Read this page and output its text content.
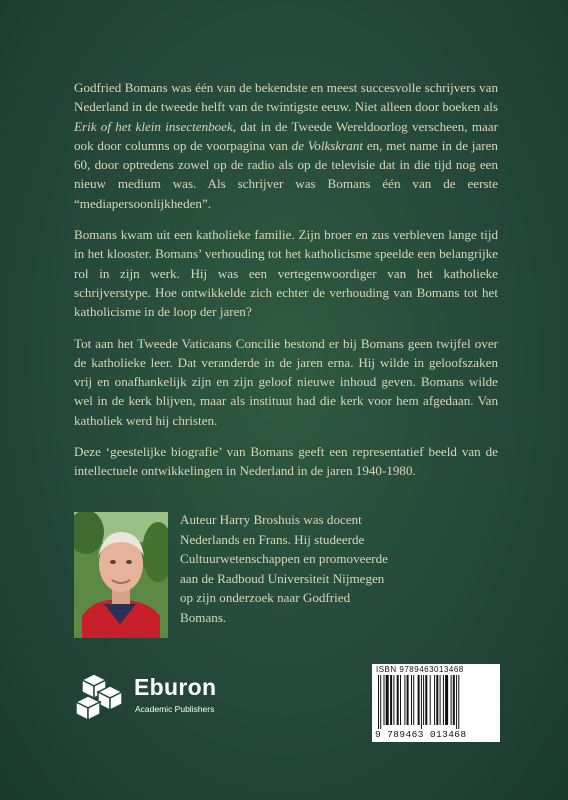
Godfried Bomans was één van de bekendste en meest succesvolle schrijvers van Nederland in de tweede helft van de twintigste eeuw. Niet alleen door boeken als Erik of het klein insectenboek, dat in de Tweede Wereldoorlog verscheen, maar ook door columns op de voorpagina van de Volkskrant en, met name in de jaren 60, door optredens zowel op de radio als op de televisie dat in die tijd nog een nieuw medium was. Als schrijver was Bomans één van de eerste “mediapersoonlijkheden”.

Bomans kwam uit een katholieke familie. Zijn broer en zus verbleven lange tijd in het klooster. Bomans’ verhouding tot het katholicisme speelde een belangrijke rol in zijn werk. Hij was een vertegenwoordiger van het katholieke schrijverstype. Hoe ontwikkelde zich echter de verhouding van Bomans tot het katholicisme in de loop der jaren?

Tot aan het Tweede Vaticaans Concilie bestond er bij Bomans geen twijfel over de katholieke leer. Dat veranderde in de jaren erna. Hij wilde in geloofszaken vrij en onafhankelijk zijn en zijn geloof nieuwe inhoud geven. Bomans wilde wel in de kerk blijven, maar als instituut had die kerk voor hem afgedaan. Van katholiek werd hij christen.

Deze ‘geestelijke biografie’ van Bomans geeft een representatief beeld van de intellectuele ontwikkelingen in Nederland in de jaren 1940-1980.

Auteur Harry Broshuis was docent Nederlands en Frans. Hij studeerde Cultuurwetenschappen en promoveerde aan de Radboud Universiteit Nijmegen op zijn onderzoek naar Godfried Bomans.

Eburon
Academic Publishers
ISBN 9789463013468
9 789463 013468
